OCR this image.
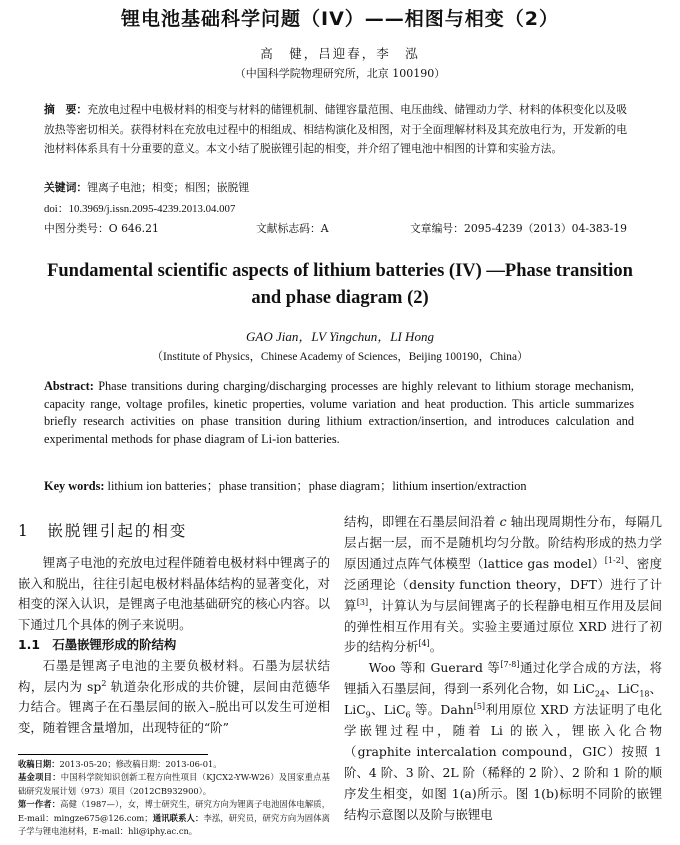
锂电池基础科学问题（IV）——相图与相变（2）
高　健，吕迎春，李　泓
（中国科学院物理研究所，北京 100190）
摘　要：充放电过程中电极材料的相变与材料的储锂机制、储锂容量范围、电压曲线、储锂动力学、材料的体积变化以及吸放热等密切相关。获得材料在充放电过程中的相组成、相结构演化及相图，对于全面理解材料及其充放电行为，开发新的电池材料体系具有十分重要的意义。本文小结了脱嵌锂引起的相变，并介绍了锂电池中相图的计算和实验方法。
关键词：锂离子电池；相变；相图；嵌脱锂
doi：10.3969/j.issn.2095-4239.2013.04.007
中图分类号：O 646.21	文献标志码：A	文章编号：2095-4239（2013）04-383-19
Fundamental scientific aspects of lithium batteries (IV) —Phase transition and phase diagram (2)
GAO Jian，LV Yingchun，LI Hong
（Institute of Physics，Chinese Academy of Sciences，Beijing 100190，China）
Abstract: Phase transitions during charging/discharging processes are highly relevant to lithium storage mechanism, capacity range, voltage profiles, kinetic properties, volume variation and heat production. This article summarizes briefly research activities on phase transition during lithium extraction/insertion, and introduces calculation and experimental methods for phase diagram of Li-ion batteries.
Key words: lithium ion batteries；phase transition；phase diagram；lithium insertion/extraction
1　嵌脱锂引起的相变

锂离子电池的充放电过程伴随着电极材料中锂离子的嵌入和脱出，往往引起电极材料晶体结构的显著变化，对相变的深入认识，是锂离子电池基础研究的核心内容。以下通过几个具体的例子来说明。

1.1　石墨嵌锂形成的阶结构

石墨是锂离子电池的主要负极材料。石墨为层状结构，层内为 $sp^2$ 轨道杂化形成的共价键，层间由范德华力结合。锂离子在石墨层间的嵌入–脱出可以发生可逆相变，随着锂含量增加，出现特征的“阶”

收稿日期：2013-05-20；修改稿日期：2013-06-01。
基金项目：中国科学院知识创新工程方向性项目（KJCX2-YW-W26）及国家重点基础研究发展计划（973）项目（2012CB932900）。
第一作者：高健（1987—），女，博士研究生，研究方向为锂离子电池固体电解质，E-mail：mingze675@126.com；通讯联系人：李泓，研究员，研究方向为固体离子学与锂电池材料，E-mail：hli@iphy.ac.cn。

结构，即锂在石墨层间沿着 c 轴出现周期性分布，每隔几层占据一层，而不是随机均匀分散。阶结构形成的热力学原因通过点阵气体模型（lattice gas model）[1-2]、密度泛函理论（density function theory，DFT）进行了计算[3]，计算认为与层间锂离子的长程静电相互作用及层间的弹性相互作用有关。实验主要通过原位 XRD 进行了初步的结构分析[4]。

Woo 等和 Guerard 等[7-8]通过化学合成的方法，将锂插入石墨层间，得到一系列化合物，如 LiC$_{24}$、LiC$_{18}$、LiC$_9$、LiC$_6$ 等。Dahn[5]利用原位 XRD 方法证明了电化学嵌锂过程中，随着 Li 的嵌入，锂嵌入化合物（graphite intercalation compound，GIC）按照 1 阶、4 阶、3 阶、2L 阶（稀释的 2 阶）、2 阶和 1 阶的顺序发生相变，如图 1(a)所示。图 1(b)标明不同阶的嵌锂结构示意图以及阶与嵌锂电
